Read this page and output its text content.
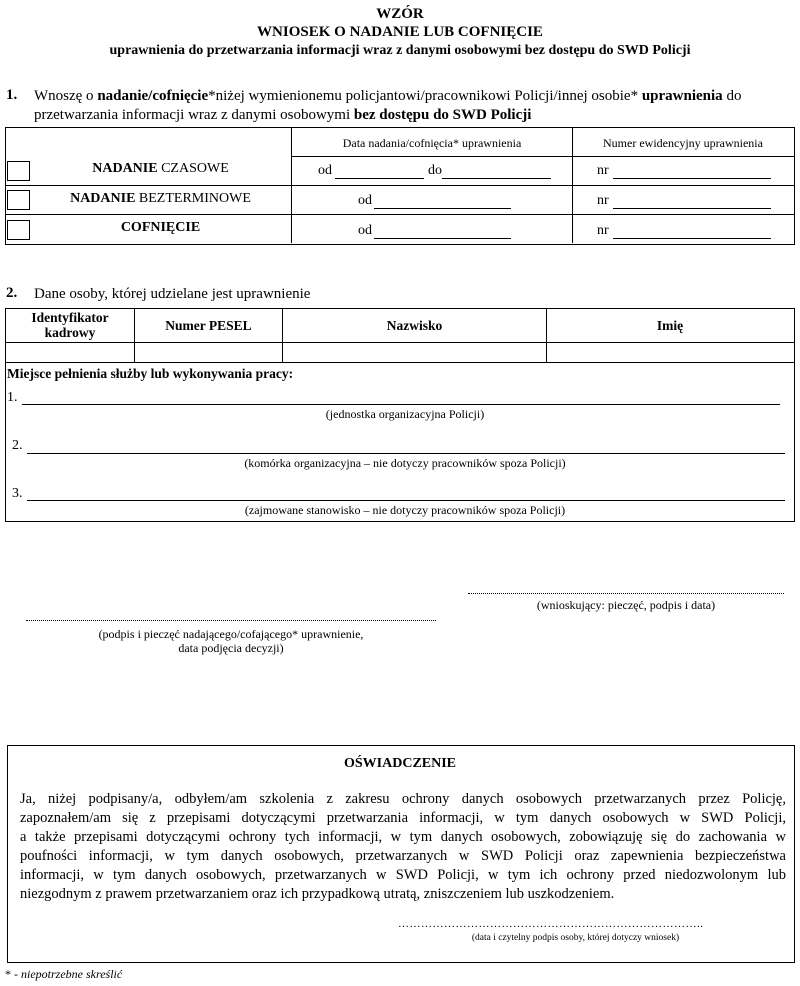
WZÓR
WNIOSEK O NADANIE LUB COFNIĘCIE
uprawnienia do przetwarzania informacji wraz z danymi osobowymi bez dostępu do SWD Policji
1. Wnoszę o nadanie/cofnięcie*niżej wymienionemu policjantowi/pracownikowi Policji/innej osobie* uprawnienia do
przetwarzania informacji wraz z danymi osobowymi bez dostępu do SWD Policji
Data nadania/cofnięcia* uprawnienia	Numer ewidencyjny uprawnienia
NADANIE CZASOWE	od	do	nr
NADANIE BEZTERMINOWE	od	nr
COFNIĘCIE	od	nr
2. Dane osoby, której udzielane jest uprawnienie
Identyfikator kadrowy	Numer PESEL	Nazwisko	Imię
Miejsce pełnienia służby lub wykonywania pracy:
1.
(jednostka organizacyjna Policji)
2.
(komórka organizacyjna – nie dotyczy pracowników spoza Policji)
3.
(zajmowane stanowisko – nie dotyczy pracowników spoza Policji)
(wnioskujący: pieczęć, podpis i data)
(podpis i pieczęć nadającego/cofającego* uprawnienie,
data podjęcia decyzji)
OŚWIADCZENIE
Ja, niżej podpisany/a, odbyłem/am szkolenia z zakresu ochrony danych osobowych przetwarzanych przez Policję,
zapoznałem/am się z przepisami dotyczącymi przetwarzania informacji, w tym danych osobowych w SWD Policji,
a także przepisami dotyczącymi ochrony tych informacji, w tym danych osobowych, zobowiązuję się do zachowania w
poufności informacji, w tym danych osobowych, przetwarzanych w SWD Policji oraz zapewnienia bezpieczeństwa
informacji, w tym danych osobowych, przetwarzanych w SWD Policji, w tym ich ochrony przed niedozwolonym lub
niezgodnym z prawem przetwarzaniem oraz ich przypadkową utratą, zniszczeniem lub uszkodzeniem.
……………………………………………………………………..
(data i czytelny podpis osoby, której dotyczy wniosek)
* - niepotrzebne skreślić
